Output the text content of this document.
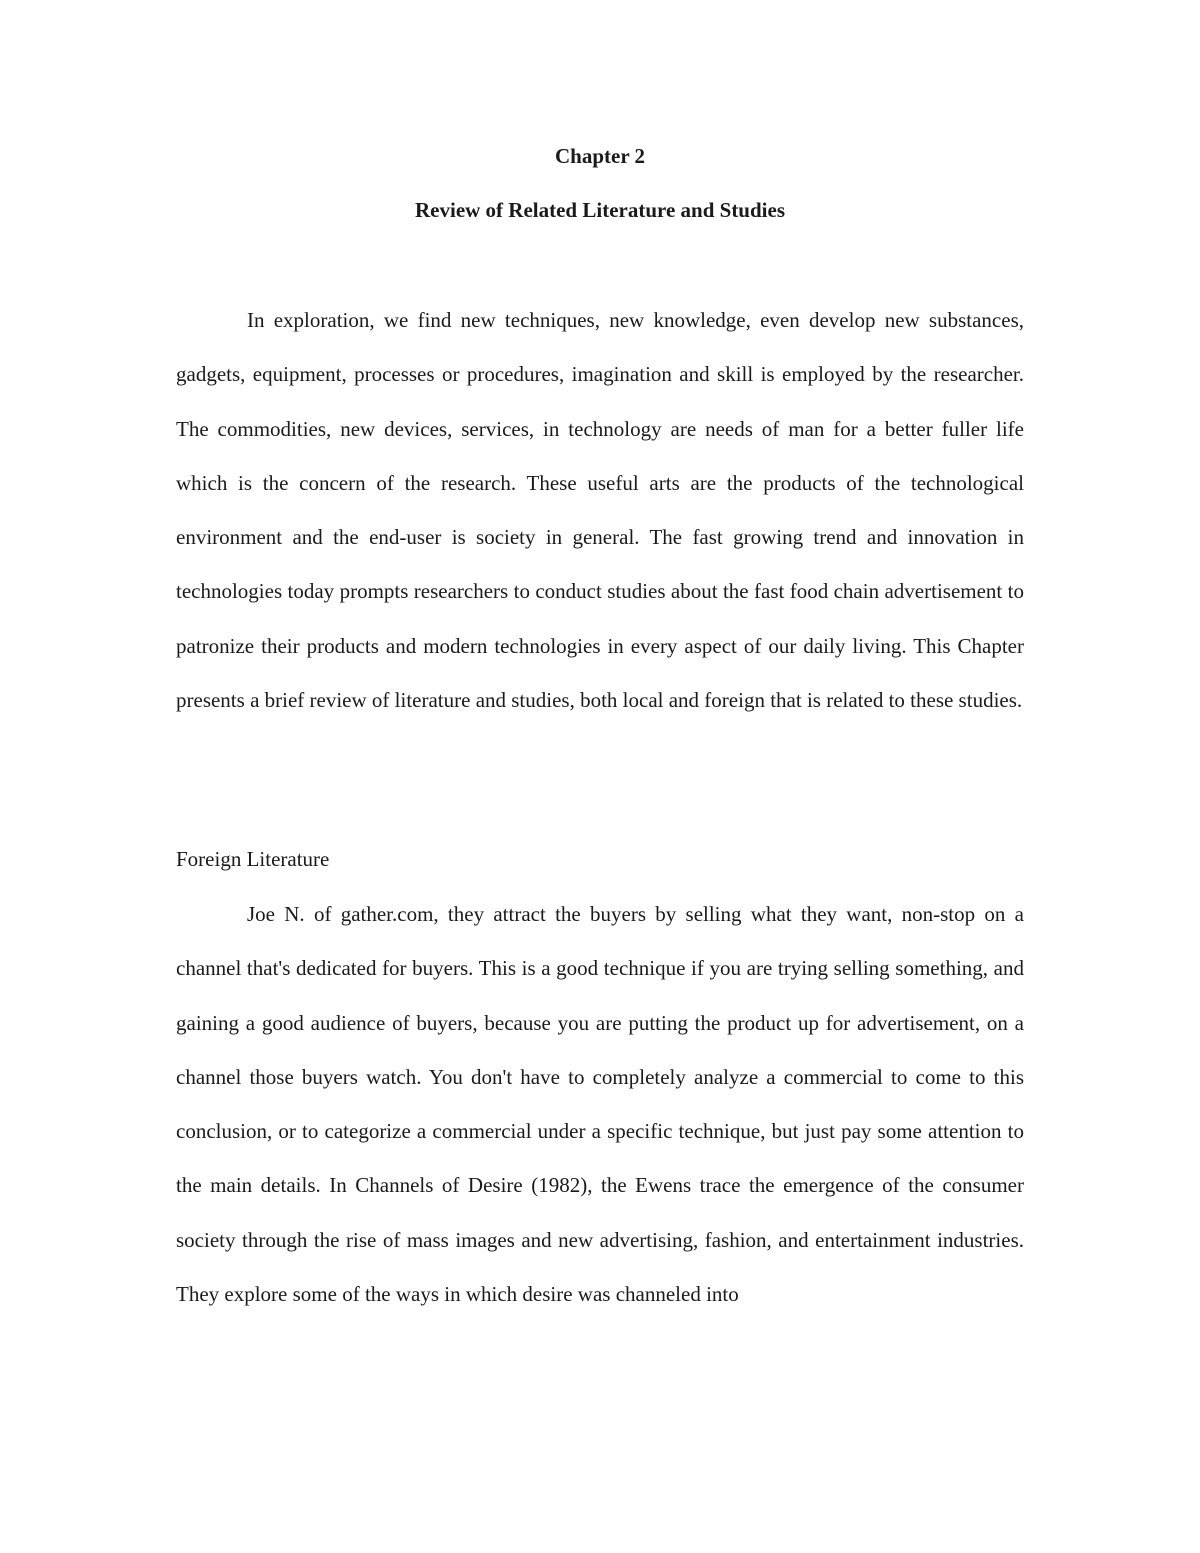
Chapter 2
Review of Related Literature and Studies

In exploration, we find new techniques, new knowledge, even develop new substances, gadgets, equipment, processes or procedures, imagination and skill is employed by the researcher. The commodities, new devices, services, in technology are needs of man for a better fuller life which is the concern of the research. These useful arts are the products of the technological environment and the end-user is society in general. The fast growing trend and innovation in technologies today prompts researchers to conduct studies about the fast food chain advertisement to patronize their products and modern technologies in every aspect of our daily living. This Chapter presents a brief review of literature and studies, both local and foreign that is related to these studies.

Foreign Literature

Joe N. of gather.com, they attract the buyers by selling what they want, non-stop on a channel that's dedicated for buyers. This is a good technique if you are trying selling something, and gaining a good audience of buyers, because you are putting the product up for advertisement, on a channel those buyers watch. You don't have to completely analyze a commercial to come to this conclusion, or to categorize a commercial under a specific technique, but just pay some attention to the main details. In Channels of Desire (1982), the Ewens trace the emergence of the consumer society through the rise of mass images and new advertising, fashion, and entertainment industries. They explore some of the ways in which desire was channeled into
